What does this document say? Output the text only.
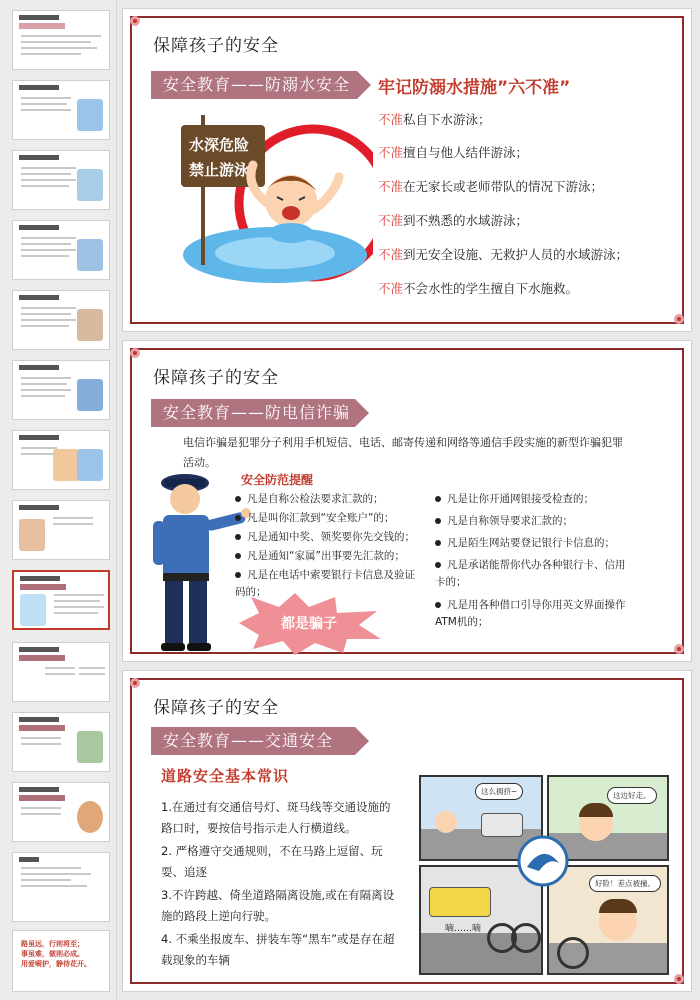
路虽远，行则将至；
事虽难，做则必成。
用爱嗬护，静待花开。
保障孩子的安全
安全教育——防溺水安全	牢记防溺水措施”六不准”
水深危险
禁止游泳
不准私自下水游泳；
不准擅自与他人结伴游泳；
不准在无家长或老师带队的情况下游泳；
不准到不熟悉的水域游泳；
不准到无安全设施、无救护人员的水域游泳；
不准不会水性的学生擅自下水施救。
保障孩子的安全
安全教育——防电信诈骗
电信诈骗是犯罪分子利用手机短信、电话、邮寄传递和网络等通信手段实施的新型诈骗犯罪活动。
安全防范提醒
凡是自称公检法要求汇款的；
凡是叫你汇款到“安全账户”的；
凡是通知中奖、领奖要你先交钱的；
凡是通知“家属”出事要先汇款的；
凡是在电话中索要银行卡信息及验证码的；
凡是让你开通网银接受检查的；
凡是自称领导要求汇款的；
凡是陌生网站要登记银行卡信息的；
凡是承诺能帮你代办各种银行卡、信用卡的；
凡是用各种借口引导你用英文界面操作ATM机的；
都是骗子
保障孩子的安全
安全教育——交通安全
道路安全基本常识
1.在通过有交通信号灯、斑马线等交通设施的路口时，要按信号指示走人行横道线。
2. 严格遵守交通规则，不在马路上逗留、玩耍、追逐
3.不许跨越、倚坐道路隔离设施,或在有隔离设施的路段上逆向行驶。
4. 不乘坐报废车、拼装车等“黑车”或是存在超载现象的车辆
这么拥挤~	这边好走。
嘀……嘀
好险！差点被撞。
